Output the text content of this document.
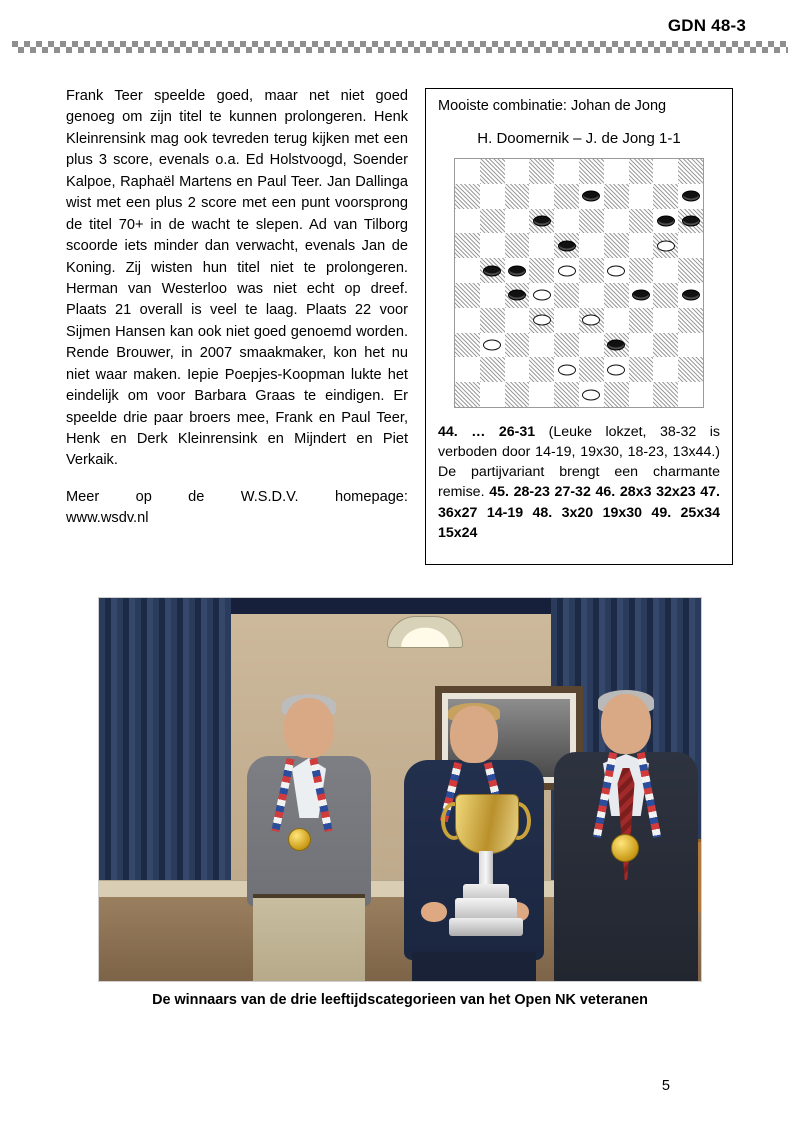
GDN 48-3

Frank Teer speelde goed, maar net niet goed genoeg om zijn titel te kunnen prolongeren. Henk Kleinrensink mag ook tevreden terug kijken met een plus 3 score, evenals o.a. Ed Holstvoogd, Soender Kalpoe, Raphaël Martens en Paul Teer. Jan Dallinga wist met een plus 2 score met een punt voorsprong de titel 70+ in de wacht te slepen. Ad van Tilborg scoorde iets minder dan verwacht, evenals Jan de Koning. Zij wisten hun titel niet te prolongeren. Herman van Westerloo was niet echt op dreef. Plaats 21 overall is veel te laag. Plaats 22 voor Sijmen Hansen kan ook niet goed genoemd worden. Rende Brouwer, in 2007 smaakmaker, kon het nu niet waar maken. Iepie Poepjes-Koopman lukte het eindelijk om voor Barbara Graas te eindigen. Er speelde drie paar broers mee, Frank en Paul Teer, Henk en Derk Kleinrensink en Mijndert en Piet Verkaik.

Meer op de W.S.D.V. homepage:

www.wsdv.nl

Mooiste combinatie: Johan de Jong
H. Doomernik – J. de Jong 1-1
44. … 26-31 (Leuke lokzet, 38-32 is verboden door 14-19, 19x30, 18-23, 13x44.) De partijvariant brengt een charmante remise. 45. 28-23 27-32 46. 28x3 32x23 47. 36x27 14-19 48. 3x20 19x30 49. 25x34 15x24
De winnaars van de drie leeftijdscategorieen van het Open NK veteranen
5
